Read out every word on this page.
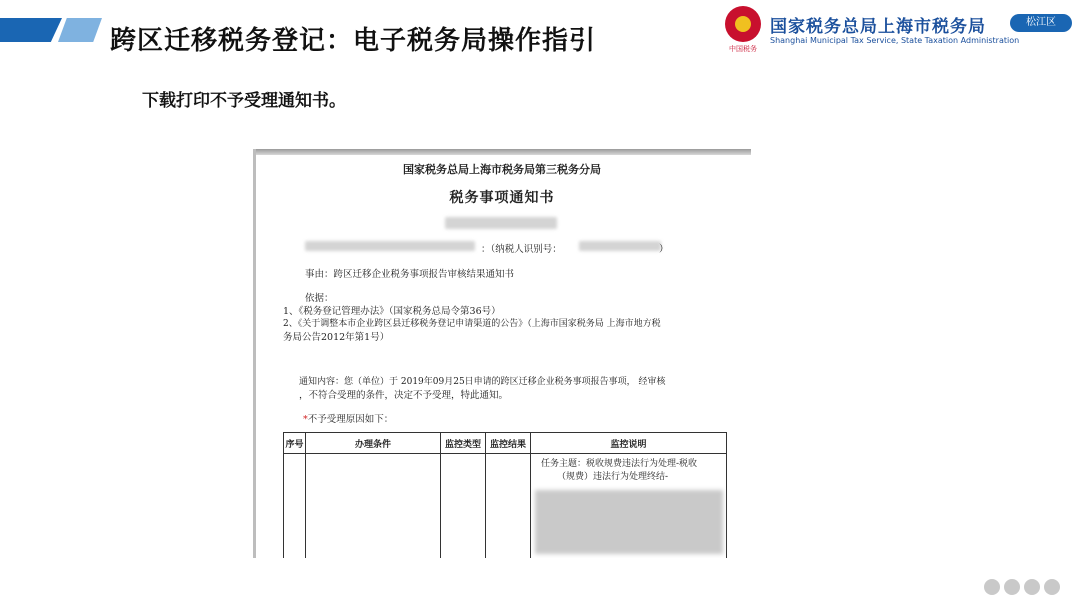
跨区迁移税务登记：电子税务局操作指引	中国税务
国家税务总局上海市税务局
Shanghai Municipal Tax Service, State Taxation Administration
松江区
下载打印不予受理通知书。
国家税务总局上海市税务局第三税务分局
税务事项通知书
：（纳税人识别号：	）
事由：跨区迁移企业税务事项报告审核结果通知书
依据：
1、《税务登记管理办法》（国家税务总局令第36号）
2、《关于调整本市企业跨区县迁移税务登记申请渠道的公告》（上海市国家税务局 上海市地方税
务局公告2012年第1号）
通知内容：您（单位）于 2019年09月25日申请的跨区迁移企业税务事项报告事项， 经审核
，不符合受理的条件，决定不予受理，特此通知。
*不予受理原因如下：
序号	办理条件	监控类型	监控结果	监控说明

				任务主题：税收规费违法行为处理-税收
（规费）违法行为处理终结-
